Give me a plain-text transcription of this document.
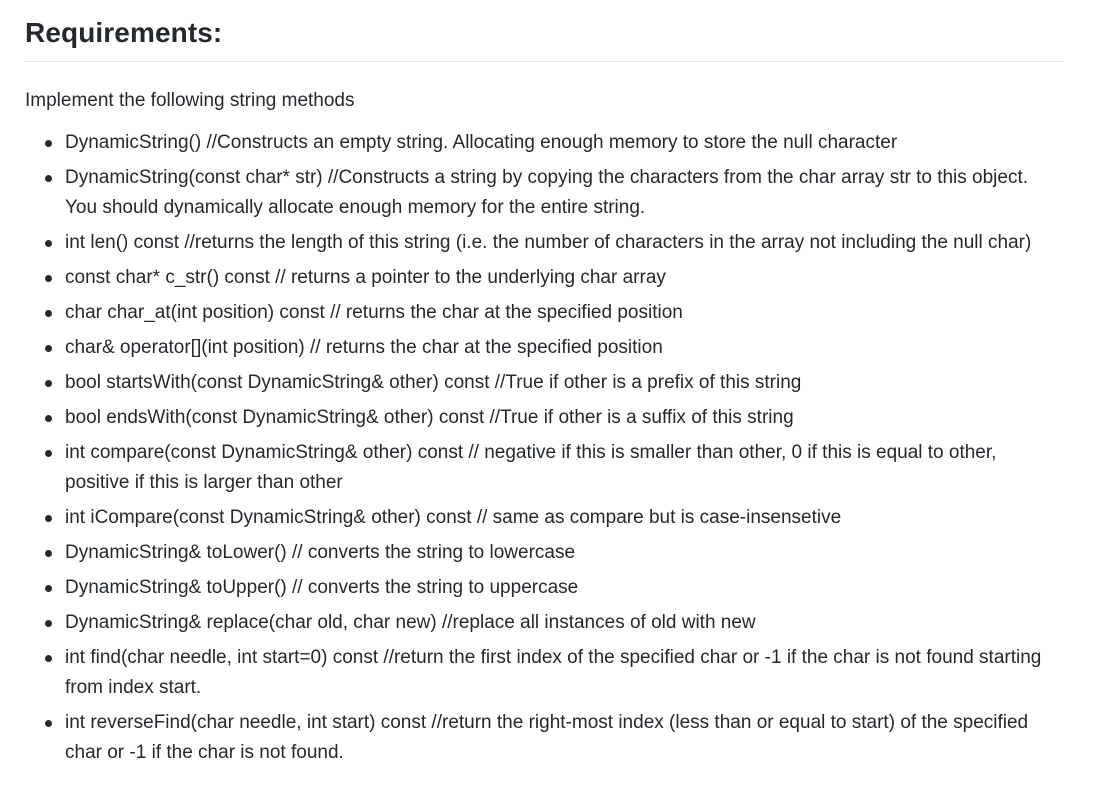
Requirements:

Implement the following string methods

DynamicString() //Constructs an empty string. Allocating enough memory to store the null character
DynamicString(const char* str) //Constructs a string by copying the characters from the char array str to this object. You should dynamically allocate enough memory for the entire string.
int len() const //returns the length of this string (i.e. the number of characters in the array not including the null char)
const char* c_str() const // returns a pointer to the underlying char array
char char_at(int position) const // returns the char at the specified position
char& operator[](int position) // returns the char at the specified position
bool startsWith(const DynamicString& other) const //True if other is a prefix of this string
bool endsWith(const DynamicString& other) const //True if other is a suffix of this string
int compare(const DynamicString& other) const // negative if this is smaller than other, 0 if this is equal to other, positive if this is larger than other
int iCompare(const DynamicString& other) const // same as compare but is case-insensetive
DynamicString& toLower() // converts the string to lowercase
DynamicString& toUpper() // converts the string to uppercase
DynamicString& replace(char old, char new) //replace all instances of old with new
int find(char needle, int start=0) const //return the first index of the specified char or -1 if the char is not found starting from index start.
int reverseFind(char needle, int start) const //return the right-most index (less than or equal to start) of the specified char or -1 if the char is not found.
